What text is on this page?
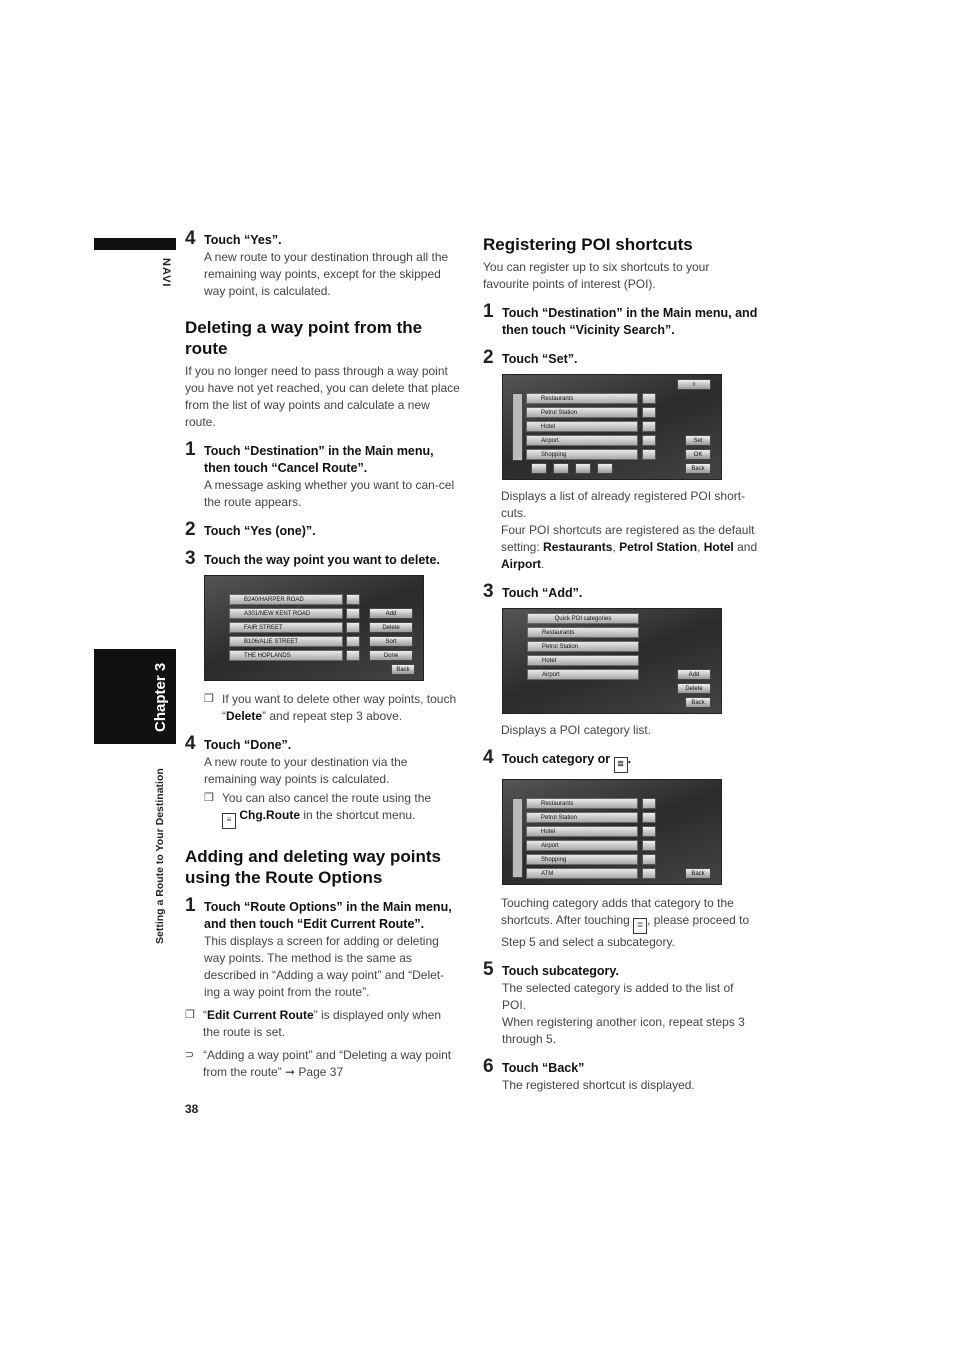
NAVI
Chapter 3
Setting a Route to Your Destination
38
4 Touch “Yes”.
A new route to your destination through all the remaining way points, except for the skipped way point, is calculated.
Deleting a way point from the route
If you no longer need to pass through a way point you have not yet reached, you can delete that place from the list of way points and calculate a new route.
1 Touch “Destination” in the Main menu, then touch “Cancel Route”.
A message asking whether you want to can-cel the route appears.
2 Touch “Yes (one)”.
3 Touch the way point you want to delete.
B240/HARPER ROAD
A301/NEW KENT ROAD
FAIR STREET
B106/ALIE STREET
THE HOPLANDS
Add
Delete
Sort
Done
Back
❒ If you want to delete other way points, touch “Delete” and repeat step 3 above.
4 Touch “Done”.
A new route to your destination via the remaining way points is calculated.
❒ You can also cancel the route using the
≡ Chg.Route in the shortcut menu.
Adding and deleting way points using the Route Options
1 Touch “Route Options” in the Main menu, and then touch “Edit Current Route”.
This displays a screen for adding or deleting way points. The method is the same as described in “Adding a way point” and “Delet-ing a way point from the route”.
❒ “Edit Current Route” is displayed only when the route is set.
⊃ “Adding a way point” and “Deleting a way point from the route” ➞ Page 37
Registering POI shortcuts
You can register up to six shortcuts to your favourite points of interest (POI).
1 Touch “Destination” in the Main menu, and then touch “Vicinity Search”.
2 Touch “Set”.
Restaurants
Petrol Station
Hotel
Airport
Shopping
◊
Set
OK
Back
Displays a list of already registered POI short-cuts.
Four POI shortcuts are registered as the default setting: Restaurants, Petrol Station, Hotel and Airport.
3 Touch “Add”.
Quick POI categories
Restaurants
Petrol Station
Hotel
Airport	Add
Delete
Back
Displays a POI category list.
4 Touch category or ≣ .
Restaurants
Petrol Station
Hotel
Airport
Shopping
ATM	Back
Touching category adds that category to the shortcuts. After touching ≣ , please proceed to Step 5 and select a subcategory.
5 Touch subcategory.
The selected category is added to the list of POI.
When registering another icon, repeat steps 3 through 5.
6 Touch “Back”
The registered shortcut is displayed.
